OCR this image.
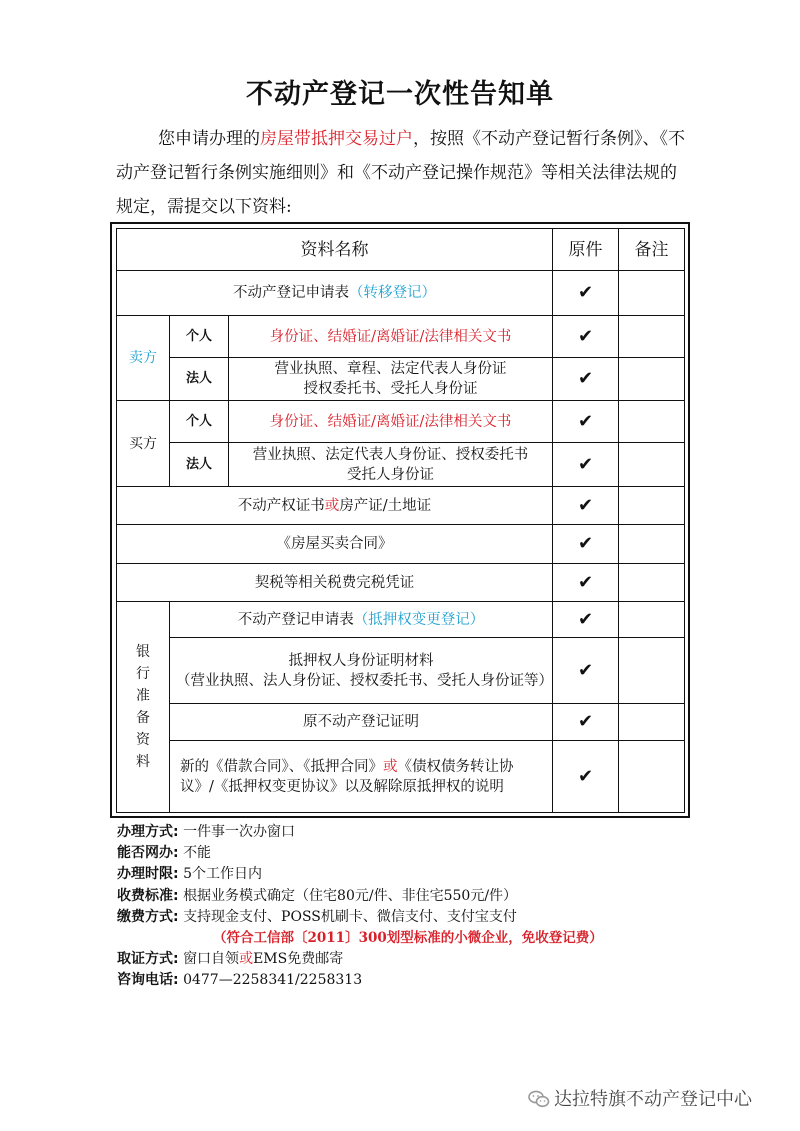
不动产登记一次性告知单
您申请办理的房屋带抵押交易过户，按照《不动产登记暂行条例》、《不动产登记暂行条例实施细则》和《不动产登记操作规范》等相关法律法规的规定，需提交以下资料:
资料名称			原件	备注
不动产登记申请表（转移登记）			✔	
卖方	个人	身份证、结婚证/离婚证/法律相关文书	✔	
	法人	营业执照、章程、法定代表人身份证
授权委托书、受托人身份证	✔	
买方	个人	身份证、结婚证/离婚证/法律相关文书	✔	
	法人	营业执照、法定代表人身份证、授权委托书
受托人身份证	✔	
不动产权证书或房产证/土地证			✔	
《房屋买卖合同》			✔	
契税等相关税费完税凭证			✔	
银行准备资料	不动产登记申请表（抵押权变更登记）		✔	

	抵押权人身份证明材料
（营业执照、法人身份证、授权委托书、受托人身份证等）		✔	
	原不动产登记证明		✔	
	新的《借款合同》、《抵押合同》或《债权债务转让协议》/《抵押权变更协议》以及解除原抵押权的说明		✔	
办理方式: 一件事一次办窗口
能否网办: 不能
办理时限: 5个工作日内
收费标准: 根据业务模式确定（住宅80元/件、非住宅550元/件）
缴费方式: 支持现金支付、POSS机刷卡、微信支付、支付宝支付
（符合工信部〔2011〕300划型标准的小微企业，免收登记费）
取证方式: 窗口自领或EMS免费邮寄
咨询电话: 0477—2258341/2258313
达拉特旗不动产登记中心
